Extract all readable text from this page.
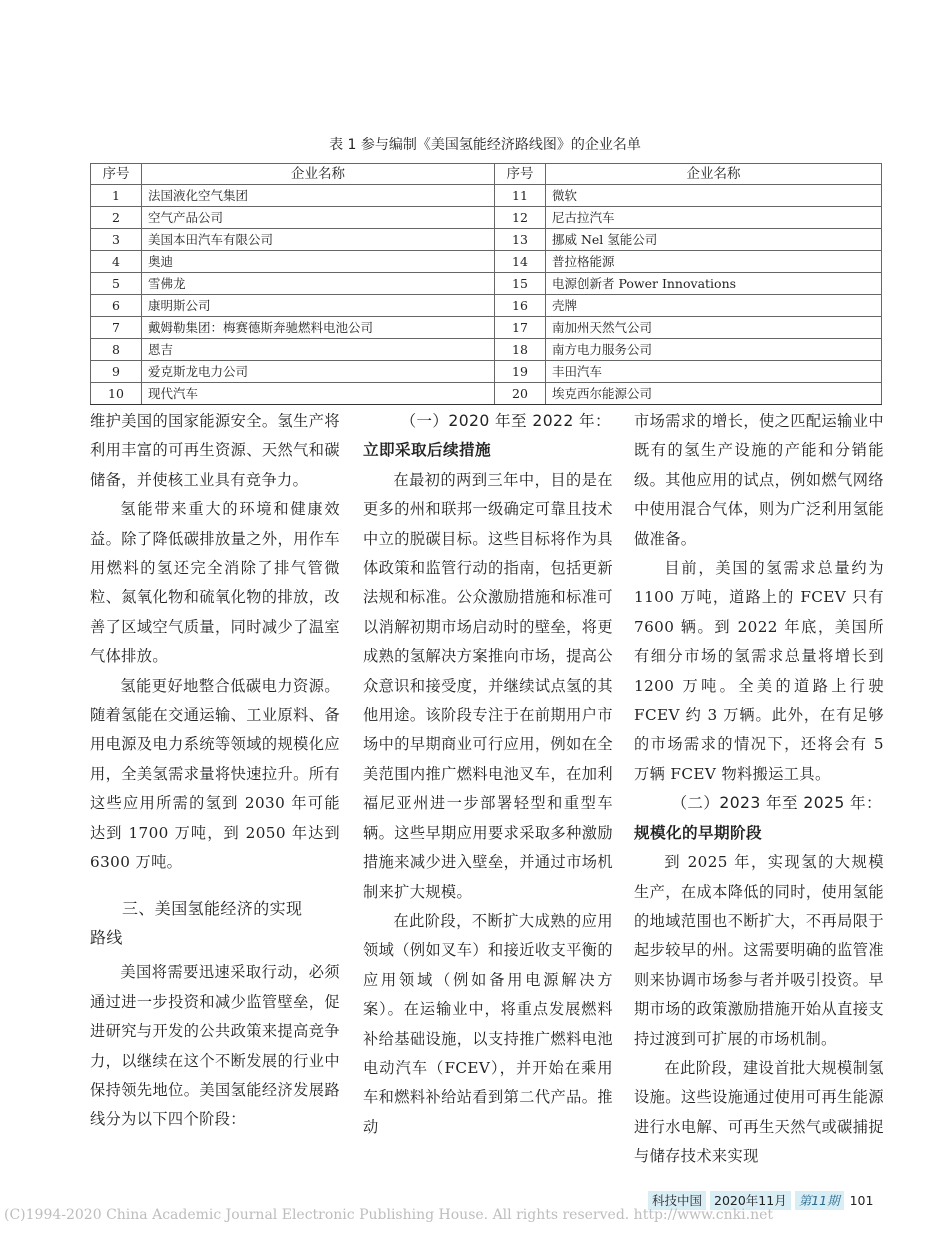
表 1 参与编制《美国氢能经济路线图》的企业名单
序号	企业名称	序号	企业名称
1	法国液化空气集团	11	微软
2	空气产品公司	12	尼古拉汽车
3	美国本田汽车有限公司	13	挪威 Nel 氢能公司
4	奥迪	14	普拉格能源
5	雪佛龙	15	电源创新者 Power Innovations
6	康明斯公司	16	壳牌
7	戴姆勒集团：梅赛德斯奔驰燃料电池公司	17	南加州天然气公司
8	恩吉	18	南方电力服务公司
9	爱克斯龙电力公司	19	丰田汽车
10	现代汽车	20	埃克西尔能源公司

维护美国的国家能源安全。氢生产将利用丰富的可再生资源、天然气和碳储备，并使核工业具有竞争力。

氢能带来重大的环境和健康效益。除了降低碳排放量之外，用作车用燃料的氢还完全消除了排气管微粒、氮氧化物和硫氧化物的排放，改善了区域空气质量，同时减少了温室气体排放。

氢能更好地整合低碳电力资源。随着氢能在交通运输、工业原料、备用电源及电力系统等领域的规模化应用，全美氢需求量将快速拉升。所有这些应用所需的氢到 2030 年可能达到 1700 万吨，到 2050 年达到 6300 万吨。

三、美国氢能经济的实现
路线

美国将需要迅速采取行动，必须通过进一步投资和减少监管壁垒，促进研究与开发的公共政策来提高竞争力，以继续在这个不断发展的行业中保持领先地位。美国氢能经济发展路线分为以下四个阶段：

（一）2020 年至 2022 年：
立即采取后续措施

在最初的两到三年中，目的是在更多的州和联邦一级确定可靠且技术中立的脱碳目标。这些目标将作为具体政策和监管行动的指南，包括更新法规和标准。公众激励措施和标准可以消解初期市场启动时的壁垒，将更成熟的氢解决方案推向市场，提高公众意识和接受度，并继续试点氢的其他用途。该阶段专注于在前期用户市场中的早期商业可行应用，例如在全美范围内推广燃料电池叉车，在加利福尼亚州进一步部署轻型和重型车辆。这些早期应用要求采取多种激励措施来减少进入壁垒，并通过市场机制来扩大规模。

在此阶段，不断扩大成熟的应用领域（例如叉车）和接近收支平衡的应用领域（例如备用电源解决方案）。在运输业中，将重点发展燃料补给基础设施，以支持推广燃料电池电动汽车（FCEV），并开始在乘用车和燃料补给站看到第二代产品。推动

市场需求的增长，使之匹配运输业中既有的氢生产设施的产能和分销能级。其他应用的试点，例如燃气网络中使用混合气体，则为广泛利用氢能做准备。

目前，美国的氢需求总量约为 1100 万吨，道路上的 FCEV 只有 7600 辆。到 2022 年底，美国所有细分市场的氢需求总量将增长到 1200 万吨。全美的道路上行驶 FCEV 约 3 万辆。此外，在有足够的市场需求的情况下，还将会有 5 万辆 FCEV 物料搬运工具。

（二）2023 年至 2025 年：
规模化的早期阶段

到 2025 年，实现氢的大规模生产，在成本降低的同时，使用氢能的地域范围也不断扩大，不再局限于起步较早的州。这需要明确的监管准则来协调市场参与者并吸引投资。早期市场的政策激励措施开始从直接支持过渡到可扩展的市场机制。

在此阶段，建设首批大规模制氢设施。这些设施通过使用可再生能源进行水电解、可再生天然气或碳捕捉与储存技术来实现

科技中国 2020年11月 第11期 101
(C)1994-2020 China Academic Journal Electronic Publishing House. All rights reserved. http://www.cnki.net
